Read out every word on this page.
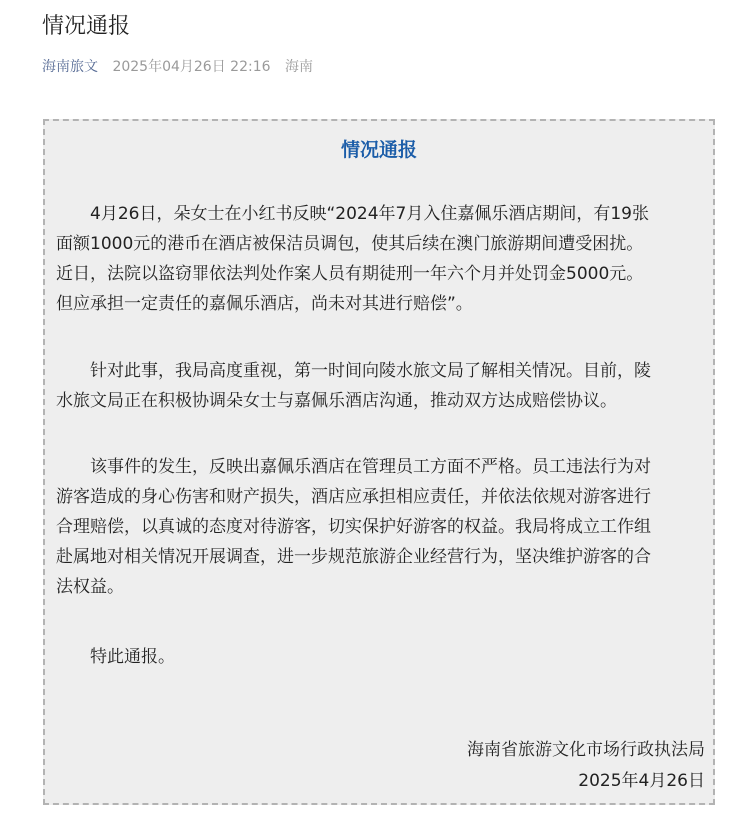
情况通报
海南旅文 2025年04月26日 22:16 海南
情况通报

4月26日，朵女士在小红书反映“2024年7月入住嘉佩乐酒店期间，有19张
面额1000元的港币在酒店被保洁员调包，使其后续在澳门旅游期间遭受困扰。
近日，法院以盗窃罪依法判处作案人员有期徒刑一年六个月并处罚金5000元。
但应承担一定责任的嘉佩乐酒店，尚未对其进行赔偿”。

针对此事，我局高度重视，第一时间向陵水旅文局了解相关情况。目前，陵
水旅文局正在积极协调朵女士与嘉佩乐酒店沟通，推动双方达成赔偿协议。

该事件的发生，反映出嘉佩乐酒店在管理员工方面不严格。员工违法行为对
游客造成的身心伤害和财产损失，酒店应承担相应责任，并依法依规对游客进行
合理赔偿，以真诚的态度对待游客，切实保护好游客的权益。我局将成立工作组
赴属地对相关情况开展调查，进一步规范旅游企业经营行为，坚决维护游客的合
法权益。

特此通报。

海南省旅游文化市场行政执法局
2025年4月26日
